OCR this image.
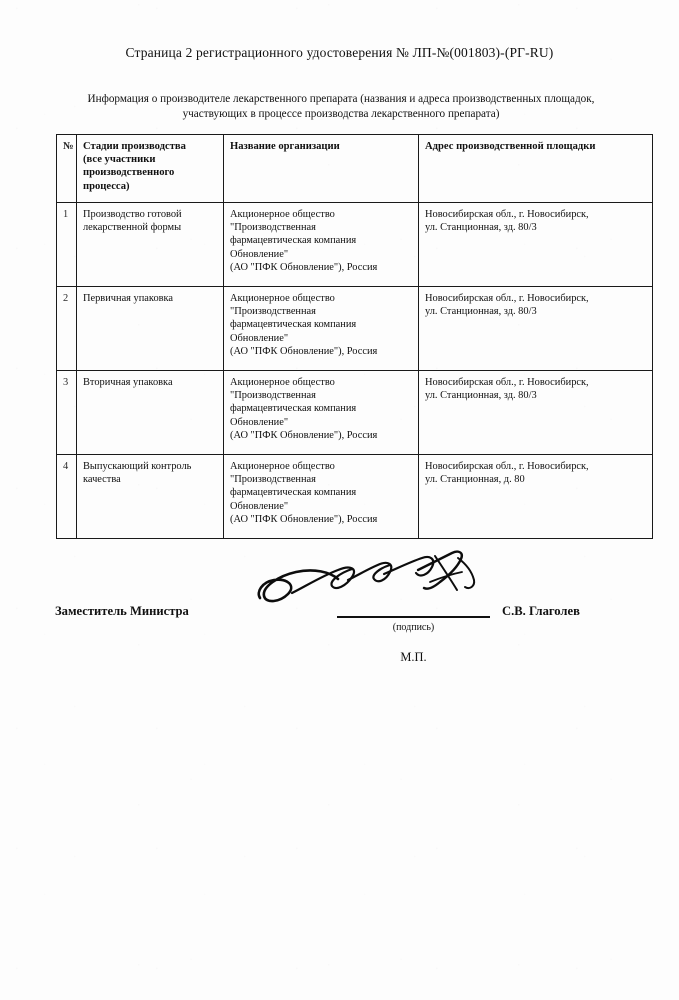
Страница 2 регистрационного удостоверения № ЛП-№(001803)-(РГ-RU)
Информация о производителе лекарственного препарата (названия и адреса производственных площадок,
участвующих в процессе производства лекарственного препарата)
№	Стадии производства
(все участники
производственного
процесса)	Название организации	Адрес производственной площадки
1	Производство готовой лекарственной формы	Акционерное общество
"Производственная
фармацевтическая компания
Обновление"
(АО "ПФК Обновление"), Россия	Новосибирская обл., г. Новосибирск,
ул. Станционная, зд. 80/3

2	Первичная упаковка	Акционерное общество
"Производственная
фармацевтическая компания
Обновление"
(АО "ПФК Обновление"), Россия	Новосибирская обл., г. Новосибирск,
ул. Станционная, зд. 80/3

3	Вторичная упаковка	Акционерное общество
"Производственная
фармацевтическая компания
Обновление"
(АО "ПФК Обновление"), Россия	Новосибирская обл., г. Новосибирск,
ул. Станционная, зд. 80/3

4	Выпускающий контроль качества	Акционерное общество
"Производственная
фармацевтическая компания
Обновление"
(АО "ПФК Обновление"), Россия	Новосибирская обл., г. Новосибирск,
ул. Станционная, д. 80
Заместитель Министра
(подпись)
С.В. Глаголев
М.П.
